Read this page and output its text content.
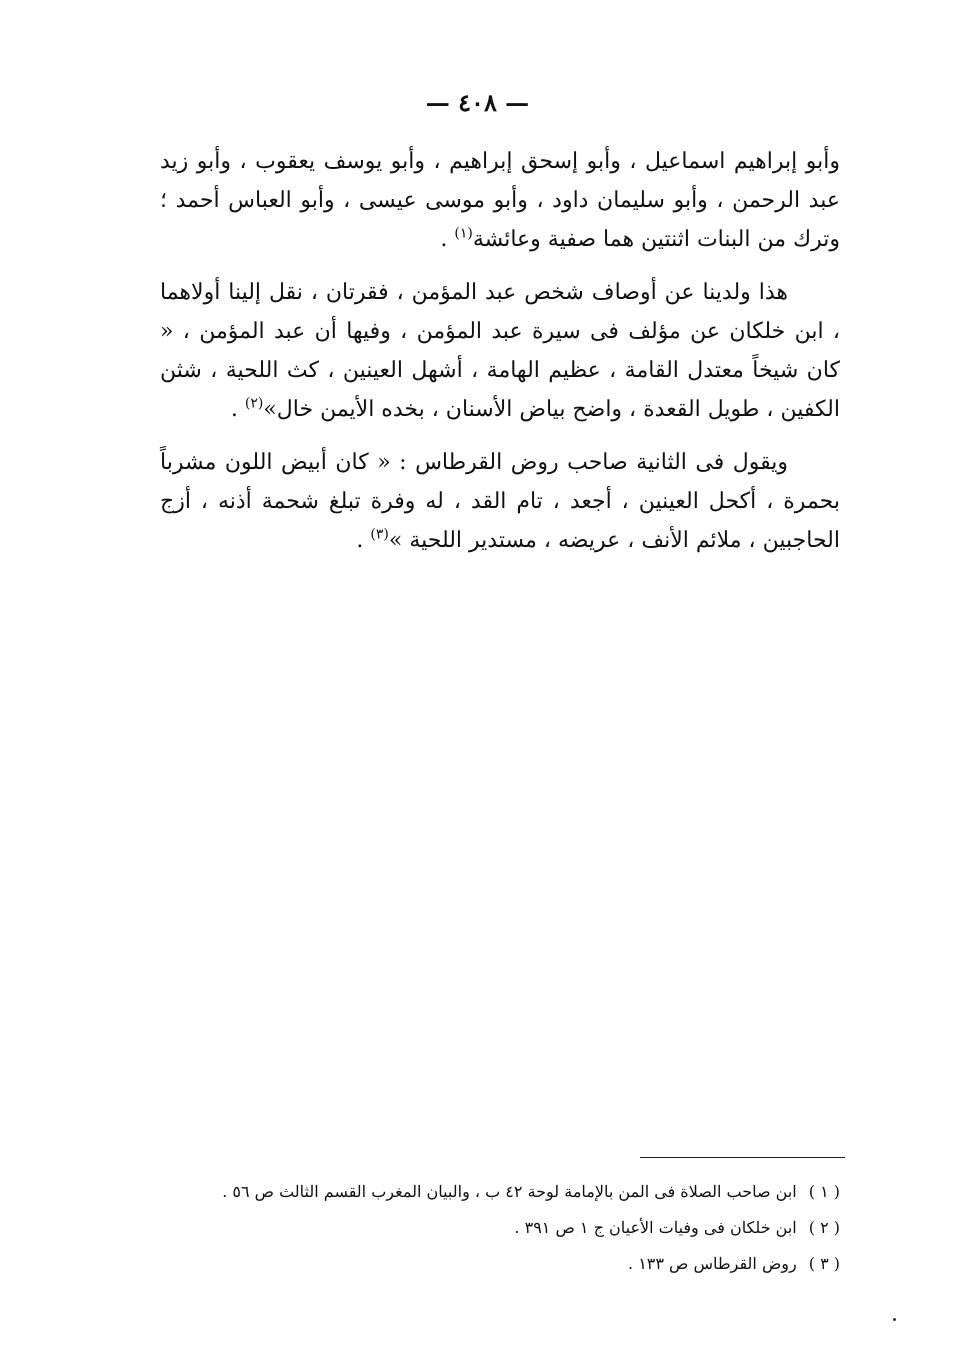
— ٤٠٨ —

وأبو إبراهيم اسماعيل ، وأبو إسحق إبراهيم ، وأبو يوسف يعقوب ، وأبو زيد عبد الرحمن ، وأبو سليمان داود ، وأبو موسى عيسى ، وأبو العباس أحمد ؛ وترك من البنات اثنتين هما صفية وعائشة$^{(١)}$ .

هذا ولدينا عن أوصاف شخص عبد المؤمن ، فقرتان ، نقل إلينا أولاهما ، ابن خلكان عن مؤلف فى سيرة عبد المؤمن ، وفيها أن عبد المؤمن ، « كان شيخاً معتدل القامة ، عظيم الهامة ، أشهل العينين ، كث اللحية ، شثن الكفين ، طويل القعدة ، واضح بياض الأسنان ، بخده الأيمن خال»$^{(٢)}$ .

ويقول فى الثانية صاحب روض القرطاس : « كان أبيض اللون مشرباً بحمرة ، أكحل العينين ، أجعد ، تام القد ، له وفرة تبلغ شحمة أذنه ، أزج الحاجبين ، ملائم الأنف ، عريضه ، مستدير اللحية »$^{(٣)}$ .

( ١ )ابن صاحب الصلاة فى المن بالإمامة لوحة ٤٢ ب ، والبيان المغرب القسم الثالث ص ٥٦ .

( ٢ )ابن خلكان فى وفيات الأعيان ج ١ ص ٣٩١ .

( ٣ )روض القرطاس ص ١٣٣ .
